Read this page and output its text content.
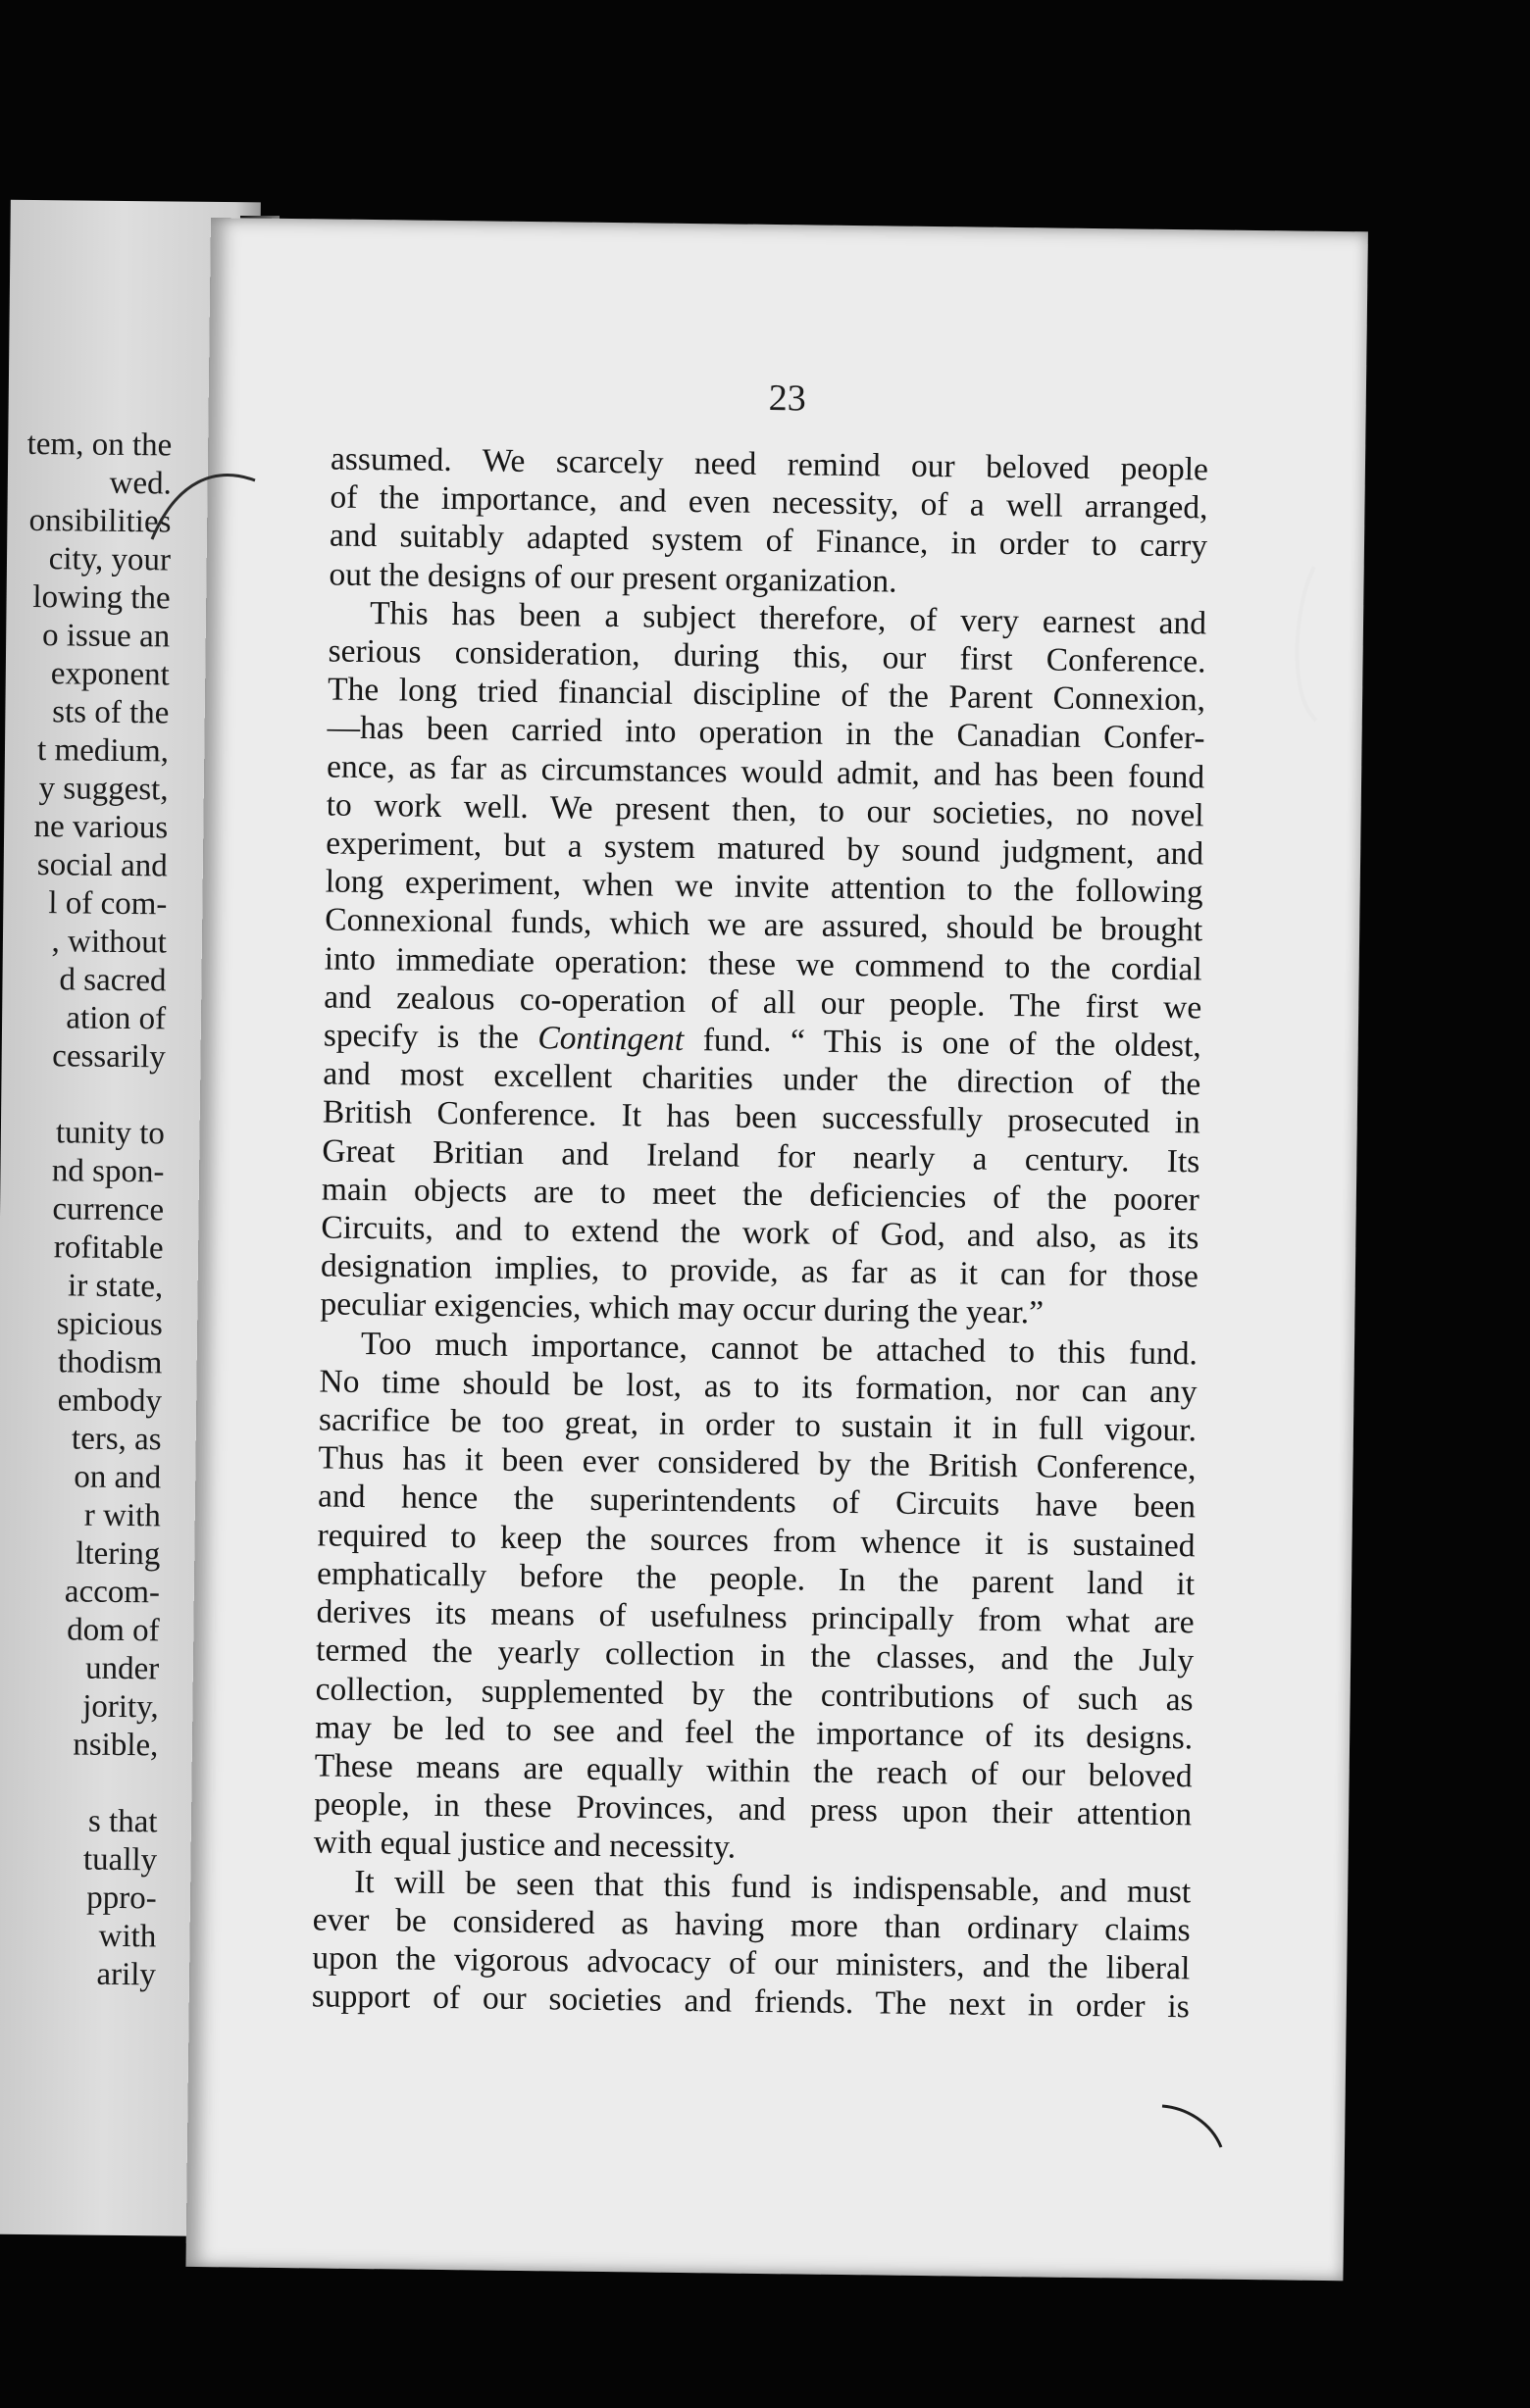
tem, on the
wed.
onsibilities
city, your
lowing the
o issue an
exponent
sts of the
t medium,
y suggest,
ne various
social and
l of com-
, without
d sacred
ation of
cessarily
tunity to
nd spon-
currence
rofitable
ir state,
spicious
thodism
embody
ters, as
on and
r with
ltering
accom-
dom of
under
jority,
nsible,
s that
tually
ppro-
with
arily
23
assumed. We scarcely need remind our beloved people
of the importance, and even necessity, of a well arranged,
and suitably adapted system of Finance, in order to carry
out the designs of our present organization.
This has been a subject therefore, of very earnest and
serious consideration, during this, our first Conference.
The long tried financial discipline of the Parent Connexion,
—has been carried into operation in the Canadian Confer-
ence, as far as circumstances would admit, and has been found
to work well. We present then, to our societies, no novel
experiment, but a system matured by sound judgment, and
long experiment, when we invite attention to the following
Connexional funds, which we are assured, should be brought
into immediate operation: these we commend to the cordial
and zealous co-operation of all our people. The first we
specify is the Contingent fund. “ This is one of the oldest,
and most excellent charities under the direction of the
British Conference. It has been successfully prosecuted in
Great Britian and Ireland for nearly a century. Its
main objects are to meet the deficiencies of the poorer
Circuits, and to extend the work of God, and also, as its
designation implies, to provide, as far as it can for those
peculiar exigencies, which may occur during the year.”
Too much importance, cannot be attached to this fund.
No time should be lost, as to its formation, nor can any
sacrifice be too great, in order to sustain it in full vigour.
Thus has it been ever considered by the British Conference,
and hence the superintendents of Circuits have been
required to keep the sources from whence it is sustained
emphatically before the people. In the parent land it
derives its means of usefulness principally from what are
termed the yearly collection in the classes, and the July
collection, supplemented by the contributions of such as
may be led to see and feel the importance of its designs.
These means are equally within the reach of our beloved
people, in these Provinces, and press upon their attention
with equal justice and necessity.
It will be seen that this fund is indispensable, and must
ever be considered as having more than ordinary claims
upon the vigorous advocacy of our ministers, and the liberal
support of our societies and friends. The next in order is
